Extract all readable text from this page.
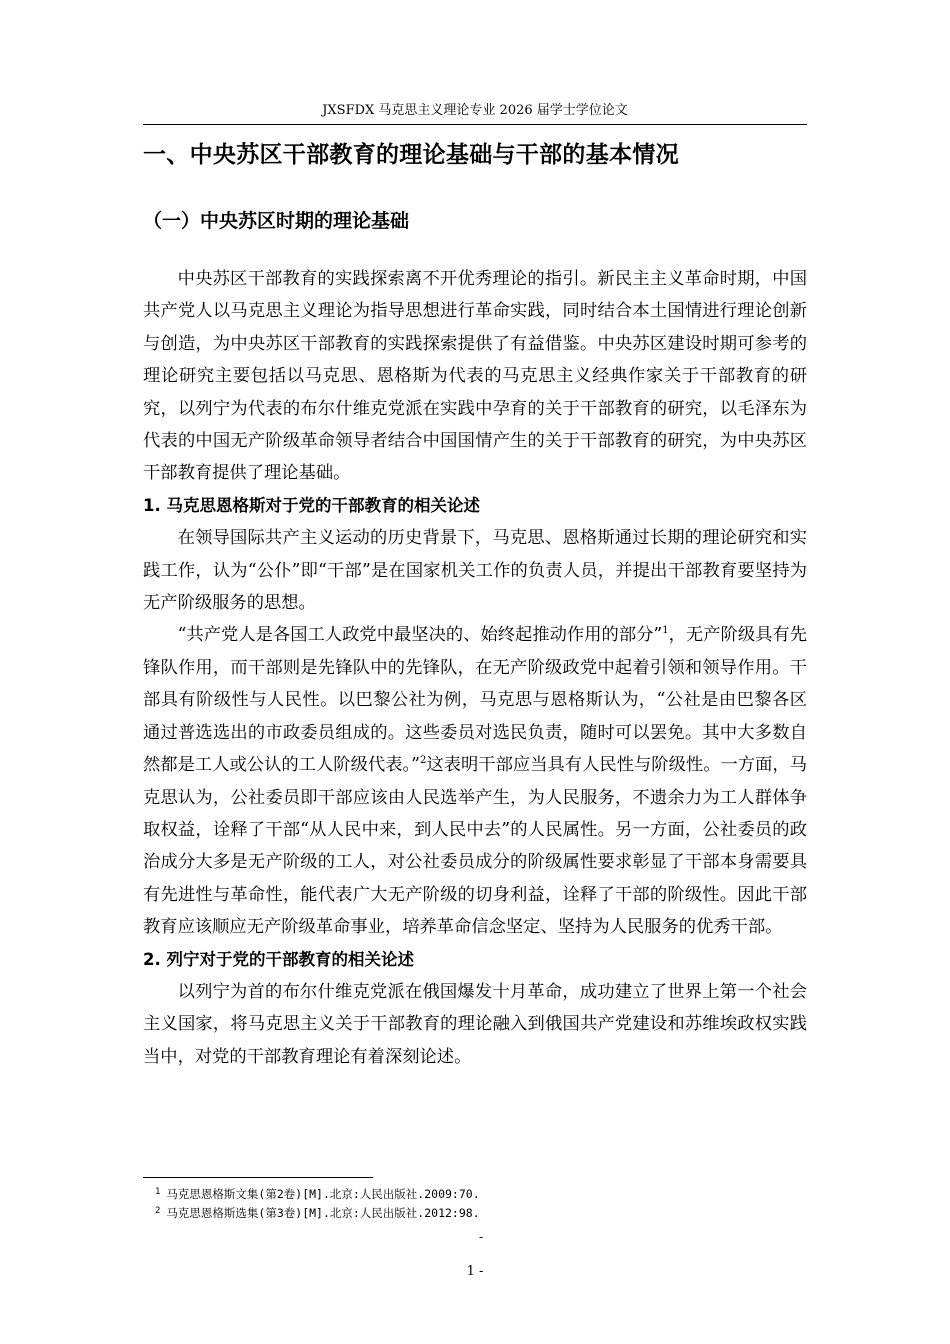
JXSFDX 马克思主义理论专业 2026 届学士学位论文
一、中央苏区干部教育的理论基础与干部的基本情况
（一）中央苏区时期的理论基础

中央苏区干部教育的实践探索离不开优秀理论的指引。新民主主义革命时期，中国共产党人以马克思主义理论为指导思想进行革命实践，同时结合本土国情进行理论创新与创造，为中央苏区干部教育的实践探索提供了有益借鉴。中央苏区建设时期可参考的理论研究主要包括以马克思、恩格斯为代表的马克思主义经典作家关于干部教育的研究，以列宁为代表的布尔什维克党派在实践中孕育的关于干部教育的研究，以毛泽东为代表的中国无产阶级革命领导者结合中国国情产生的关于干部教育的研究，为中央苏区干部教育提供了理论基础。

1. 马克思恩格斯对于党的干部教育的相关论述

在领导国际共产主义运动的历史背景下，马克思、恩格斯通过长期的理论研究和实践工作，认为“公仆”即“干部”是在国家机关工作的负责人员，并提出干部教育要坚持为无产阶级服务的思想。

“共产党人是各国工人政党中最坚决的、始终起推动作用的部分”$^1$，无产阶级具有先锋队作用，而干部则是先锋队中的先锋队，在无产阶级政党中起着引领和领导作用。干部具有阶级性与人民性。以巴黎公社为例，马克思与恩格斯认为，“公社是由巴黎各区通过普选选出的市政委员组成的。这些委员对选民负责，随时可以罢免。其中大多数自然都是工人或公认的工人阶级代表。”$^2$这表明干部应当具有人民性与阶级性。一方面，马克思认为，公社委员即干部应该由人民选举产生，为人民服务，不遗余力为工人群体争取权益，诠释了干部“从人民中来，到人民中去”的人民属性。另一方面，公社委员的政治成分大多是无产阶级的工人，对公社委员成分的阶级属性要求彰显了干部本身需要具有先进性与革命性，能代表广大无产阶级的切身利益，诠释了干部的阶级性。因此干部教育应该顺应无产阶级革命事业，培养革命信念坚定、坚持为人民服务的优秀干部。

2. 列宁对于党的干部教育的相关论述

以列宁为首的布尔什维克党派在俄国爆发十月革命，成功建立了世界上第一个社会主义国家，将马克思主义关于干部教育的理论融入到俄国共产党建设和苏维埃政权实践当中，对党的干部教育理论有着深刻论述。

$^1$ 马克思恩格斯文集(第2卷)[M].北京:人民出版社.2009:70.

$^2$ 马克思恩格斯选集(第3卷)[M].北京:人民出版社.2012:98.

-
1 -
